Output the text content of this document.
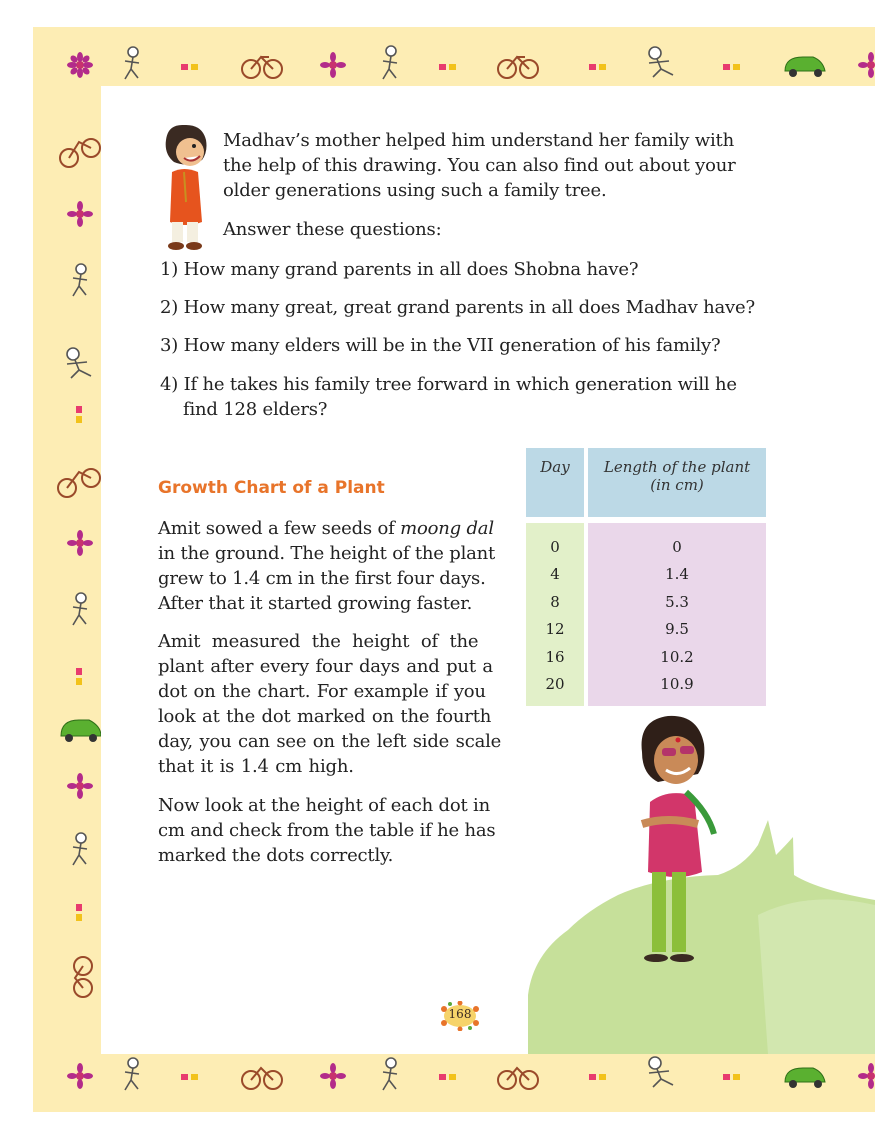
Madhav’s mother helped him understand her family with
the help of this drawing. You can also find out about your
older generations using such a family tree.
Answer these questions:
1) How many grand parents in all does Shobna have?
2) How many great, great grand parents in all does Madhav have?
3) How many elders will be in the VII generation of his family?
4) If he takes his family tree forward in which generation will he
find 128 elders?
Growth Chart of a Plant
Amit sowed a few seeds of moong dal
in the ground. The height of the plant
grew to 1.4 cm in the first four days.
After that it started growing faster.
Amit measured the height of the
plant after every four days and put a
dot on the chart. For example if you
look at the dot marked on the fourth
day, you can see on the left side scale
that it is 1.4 cm high.
Now look at the height of each dot in
cm and check from the table if he has
marked the dots correctly.
Day	Length of the plant
(in cm)

0	0
4	1.4
8	5.3
12	9.5
16	10.2
20	10.9
168
